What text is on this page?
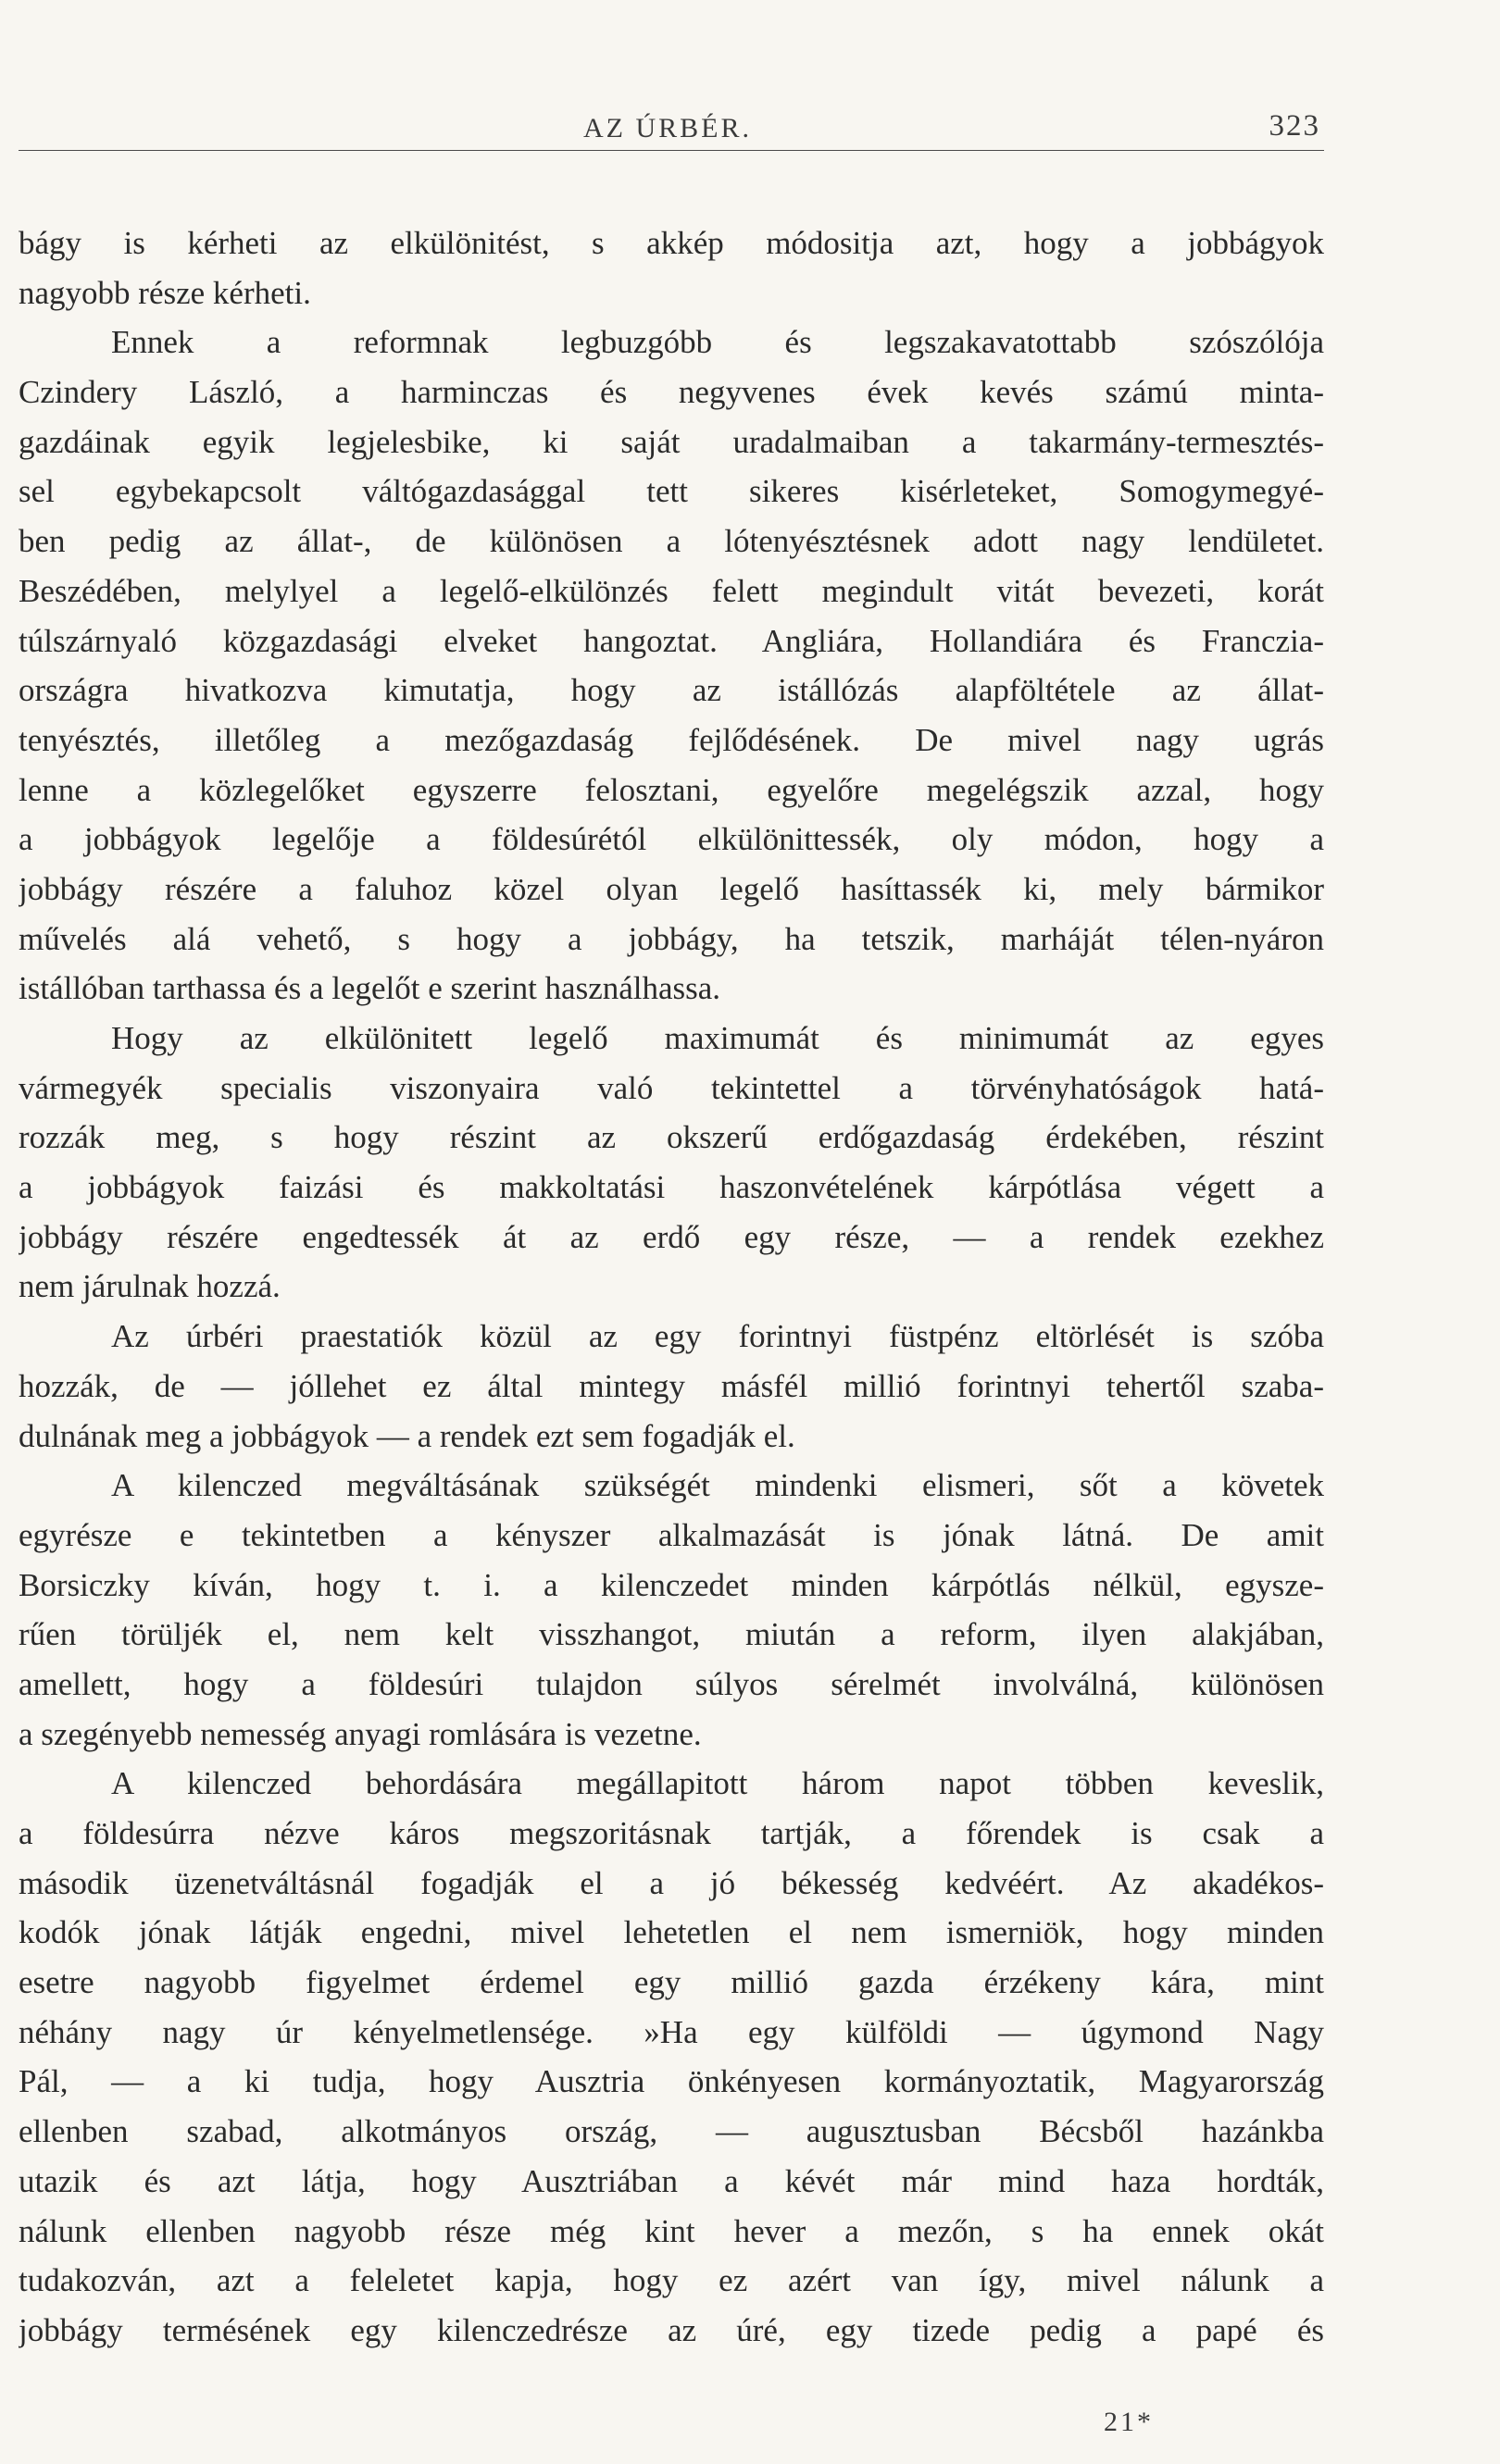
AZ ÚRBÉR.	323
bágy is kérheti az elkülönitést, s akkép módositja azt, hogy a jobbágyok
nagyobb része kérheti.
Ennek a reformnak legbuzgóbb és legszakavatottabb szószólója
Czindery László, a harminczas és negyvenes évek kevés számú minta-
gazdáinak egyik legjelesbike, ki saját uradalmaiban a takarmány-termesztés-
sel egybekapcsolt váltógazdasággal tett sikeres kisérleteket, Somogymegyé-
ben pedig az állat-, de különösen a lótenyésztésnek adott nagy lendületet.
Beszédében, melylyel a legelő-elkülönzés felett megindult vitát bevezeti, korát
túlszárnyaló közgazdasági elveket hangoztat. Angliára, Hollandiára és Franczia-
országra hivatkozva kimutatja, hogy az istállózás alapföltétele az állat-
tenyésztés, illetőleg a mezőgazdaság fejlődésének. De mivel nagy ugrás
lenne a közlegelőket egyszerre felosztani, egyelőre megelégszik azzal, hogy
a jobbágyok legelője a földesúrétól elkülönittessék, oly módon, hogy a
jobbágy részére a faluhoz közel olyan legelő hasíttassék ki, mely bármikor
művelés alá vehető, s hogy a jobbágy, ha tetszik, marháját télen-nyáron
istállóban tarthassa és a legelőt e szerint használhassa.
Hogy az elkülönitett legelő maximumát és minimumát az egyes
vármegyék specialis viszonyaira való tekintettel a törvényhatóságok hatá-
rozzák meg, s hogy részint az okszerű erdőgazdaság érdekében, részint
a jobbágyok faizási és makkoltatási haszonvételének kárpótlása végett a
jobbágy részére engedtessék át az erdő egy része, — a rendek ezekhez
nem járulnak hozzá.
Az úrbéri praestatiók közül az egy forintnyi füstpénz eltörlését is szóba
hozzák, de — jóllehet ez által mintegy másfél millió forintnyi tehertől szaba-
dulnának meg a jobbágyok — a rendek ezt sem fogadják el.
A kilenczed megváltásának szükségét mindenki elismeri, sőt a követek
egyrésze e tekintetben a kényszer alkalmazását is jónak látná. De amit
Borsiczky kíván, hogy t. i. a kilenczedet minden kárpótlás nélkül, egysze-
rűen törüljék el, nem kelt visszhangot, miután a reform, ilyen alakjában,
amellett, hogy a földesúri tulajdon súlyos sérelmét involválná, különösen
a szegényebb nemesség anyagi romlására is vezetne.
A kilenczed behordására megállapitott három napot többen keveslik,
a földesúrra nézve káros megszoritásnak tartják, a főrendek is csak a
második üzenetváltásnál fogadják el a jó békesség kedvéért. Az akadékos-
kodók jónak látják engedni, mivel lehetetlen el nem ismerniök, hogy minden
esetre nagyobb figyelmet érdemel egy millió gazda érzékeny kára, mint
néhány nagy úr kényelmetlensége. »Ha egy külföldi — úgymond Nagy
Pál, — a ki tudja, hogy Ausztria önkényesen kormányoztatik, Magyarország
ellenben szabad, alkotmányos ország, — augusztusban Bécsből hazánkba
utazik és azt látja, hogy Ausztriában a kévét már mind haza hordták,
nálunk ellenben nagyobb része még kint hever a mezőn, s ha ennek okát
tudakozván, azt a feleletet kapja, hogy ez azért van így, mivel nálunk a
jobbágy termésének egy kilenczedrésze az úré, egy tizede pedig a papé és
21*
